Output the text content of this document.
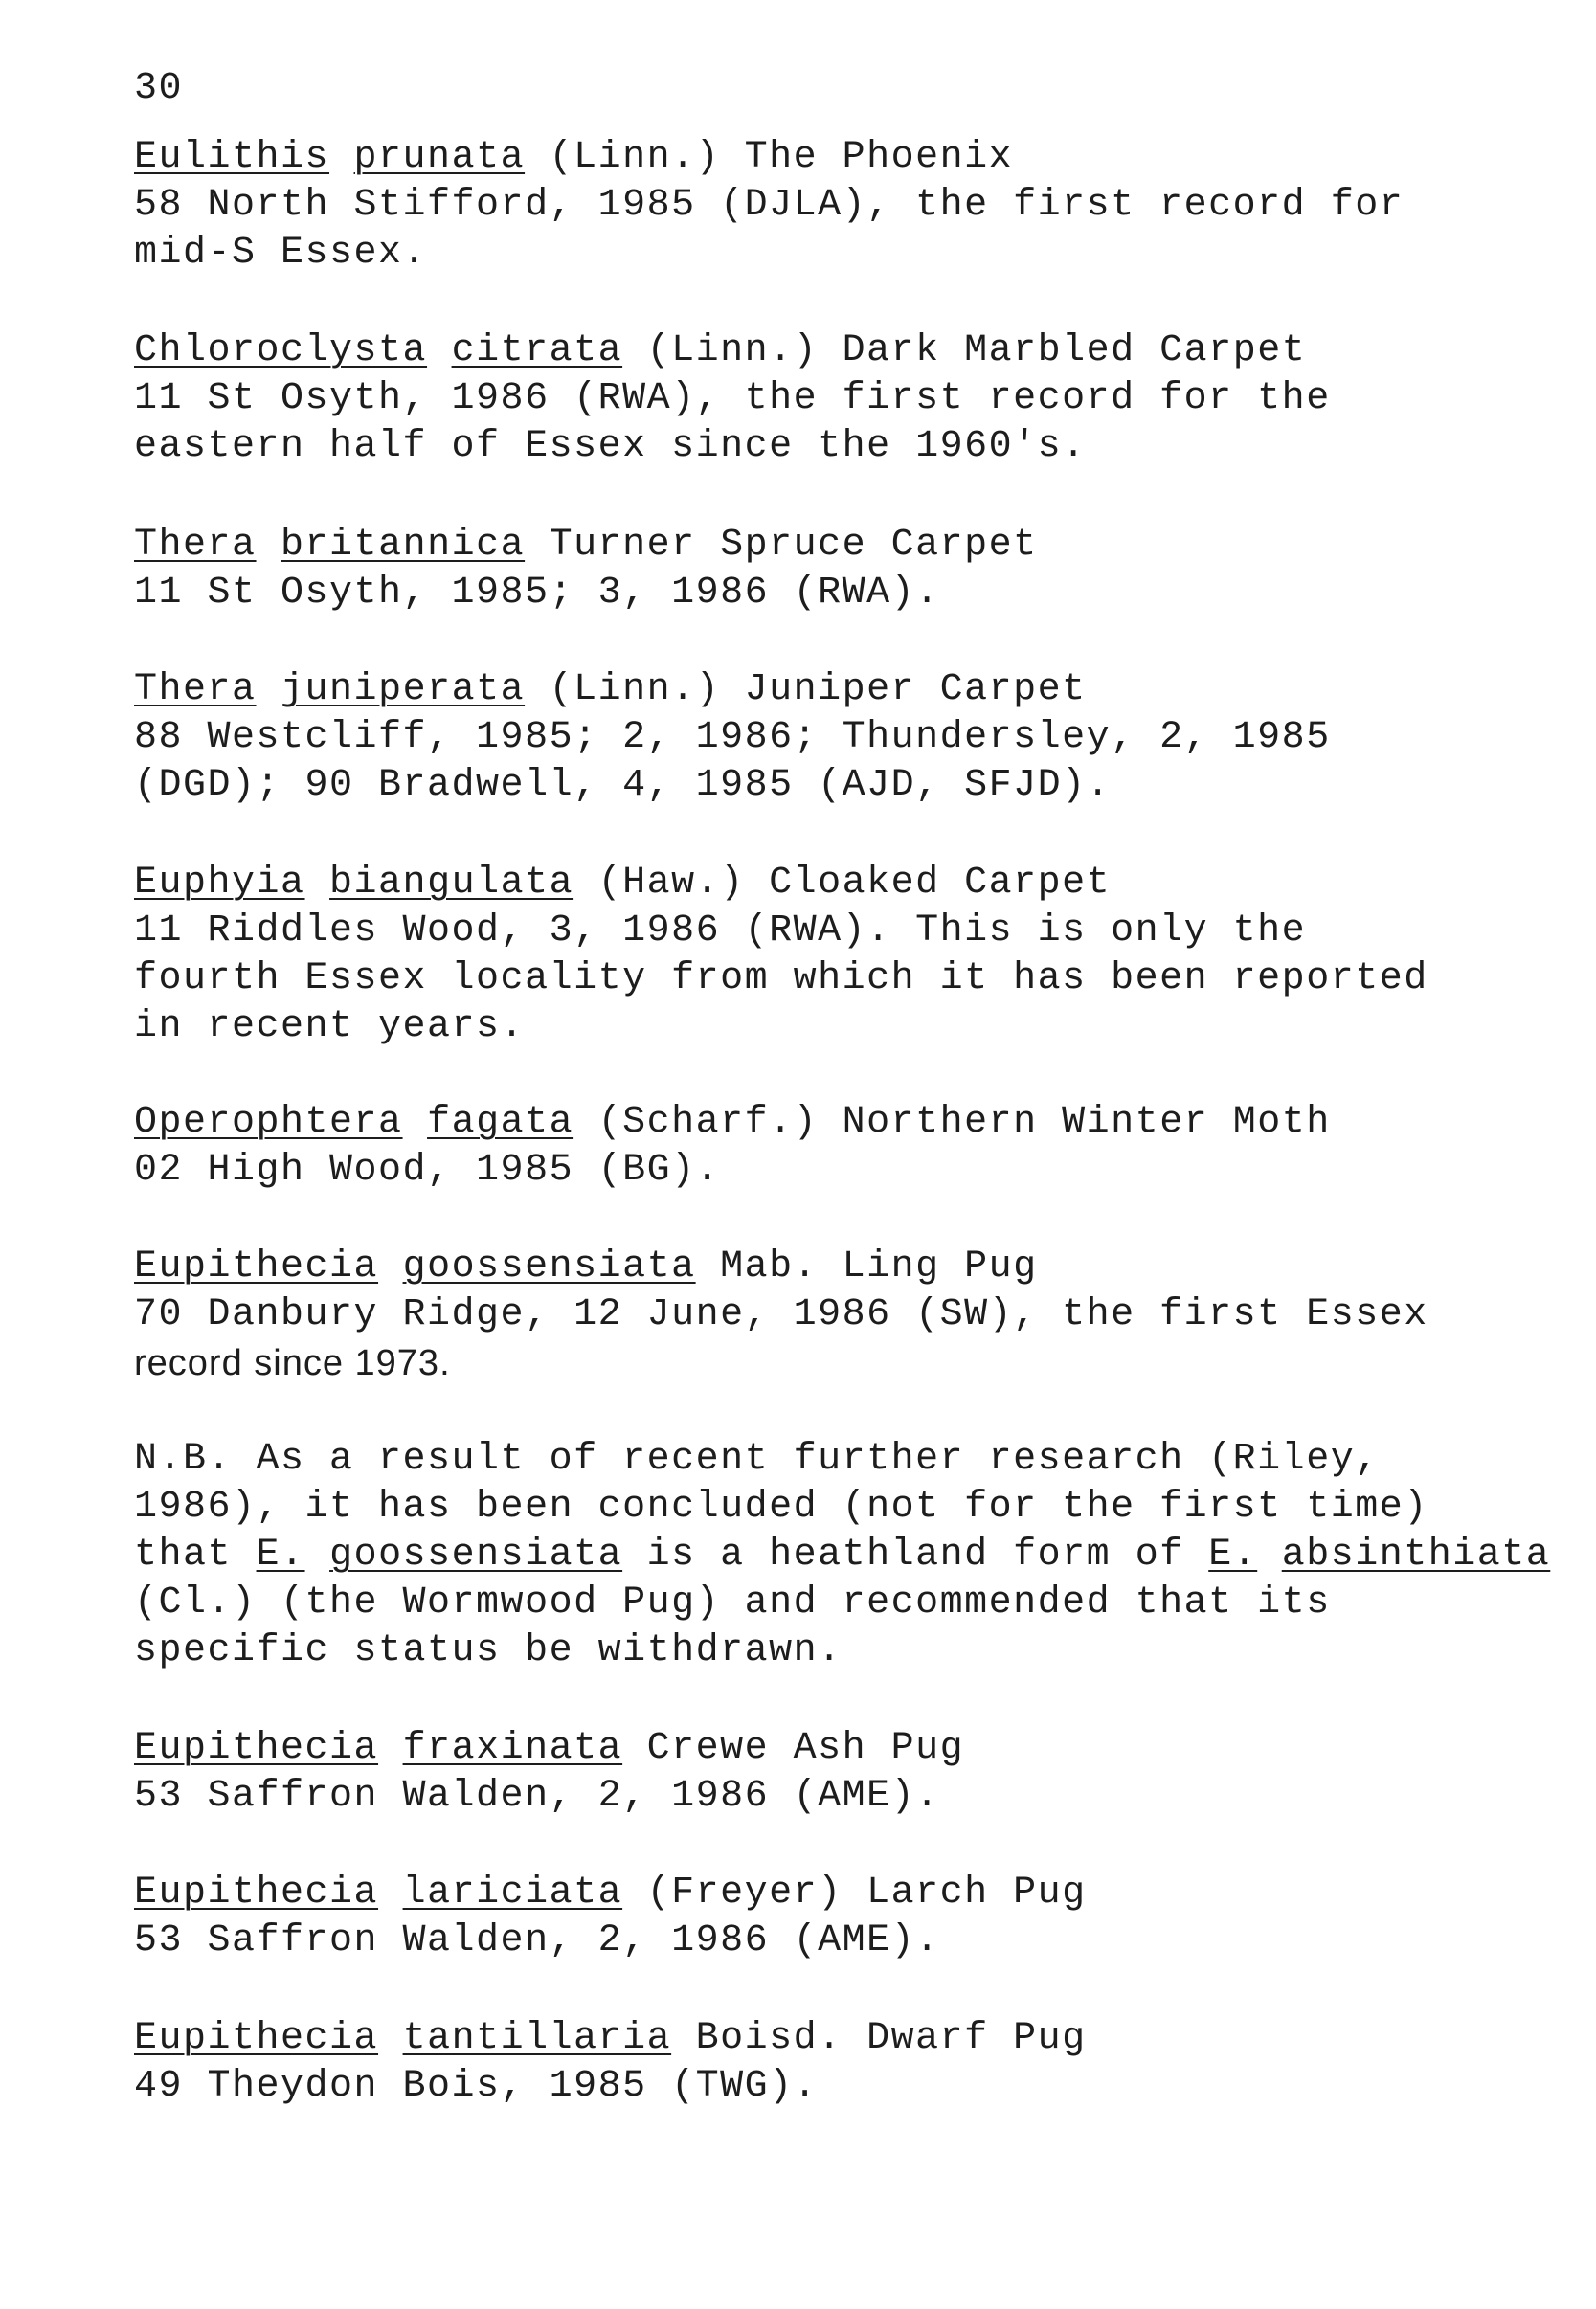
30

Eulithis prunata (Linn.) The Phoenix

58 North Stifford, 1985 (DJLA), the first record for

mid-S Essex.

Chloroclysta citrata (Linn.) Dark Marbled Carpet

11 St Osyth, 1986 (RWA), the first record for the

eastern half of Essex since the 1960's.

Thera britannica Turner Spruce Carpet

11 St Osyth, 1985; 3, 1986 (RWA).

Thera juniperata (Linn.) Juniper Carpet

88 Westcliff, 1985; 2, 1986; Thundersley, 2, 1985

(DGD); 90 Bradwell, 4, 1985 (AJD, SFJD).

Euphyia biangulata (Haw.) Cloaked Carpet

11 Riddles Wood, 3, 1986 (RWA). This is only the

fourth Essex locality from which it has been reported

in recent years.

Operophtera fagata (Scharf.) Northern Winter Moth

02 High Wood, 1985 (BG).

Eupithecia goossensiata Mab. Ling Pug

70 Danbury Ridge, 12 June, 1986 (SW), the first Essex

record since 1973.

N.B. As a result of recent further research (Riley,

1986), it has been concluded (not for the first time)

that E. goossensiata is a heathland form of E. absinthiata

(Cl.) (the Wormwood Pug) and recommended that its

specific status be withdrawn.

Eupithecia fraxinata Crewe Ash Pug

53 Saffron Walden, 2, 1986 (AME).

Eupithecia lariciata (Freyer) Larch Pug

53 Saffron Walden, 2, 1986 (AME).

Eupithecia tantillaria Boisd. Dwarf Pug

49 Theydon Bois, 1985 (TWG).
